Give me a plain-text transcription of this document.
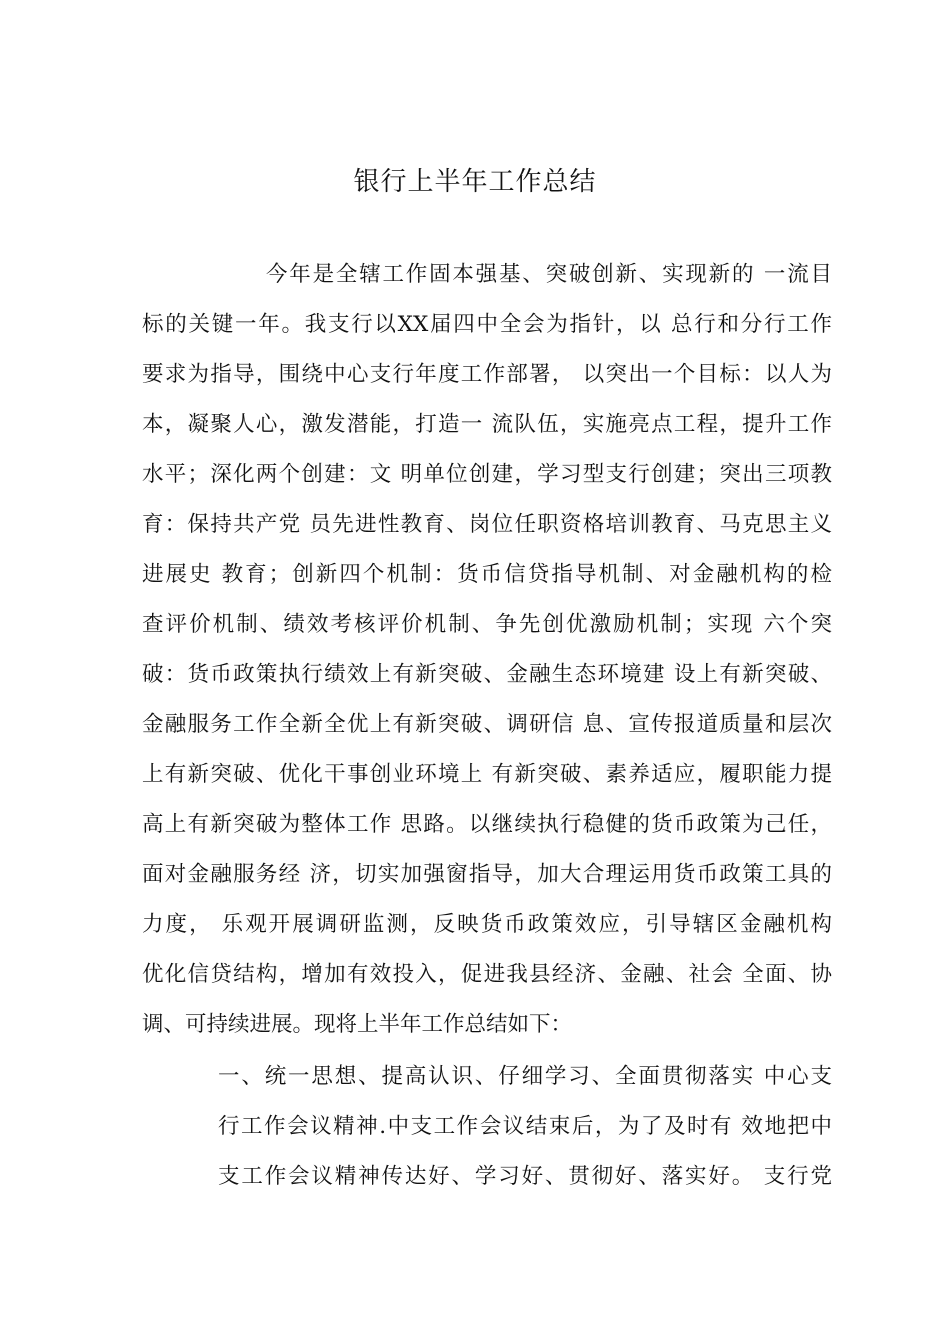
银行上半年工作总结
今年是全辖工作固本强基、突破创新、实现新的 一流目
标的关键一年。我支行以XX届四中全会为指针，以 总行和分行工作
要求为指导，围绕中心支行年度工作部署， 以突出一个目标：以人为
本，凝聚人心，激发潜能，打造一 流队伍，实施亮点工程，提升工作
水平；深化两个创建：文 明单位创建，学习型支行创建；突出三项教
育：保持共产党 员先进性教育、岗位任职资格培训教育、马克思主义
进展史 教育；创新四个机制：货币信贷指导机制、对金融机构的检
查评价机制、绩效考核评价机制、争先创优激励机制；实现 六个突
破：货币政策执行绩效上有新突破、金融生态环境建 设上有新突破、
金融服务工作全新全优上有新突破、调研信 息、宣传报道质量和层次
上有新突破、优化干事创业环境上 有新突破、素养适应，履职能力提
高上有新突破为整体工作 思路。以继续执行稳健的货币政策为己任，
面对金融服务经 济，切实加强窗指导，加大合理运用货币政策工具的
力度， 乐观开展调研监测，反映货币政策效应，引导辖区金融机构
优化信贷结构，增加有效投入，促进我县经济、金融、社会 全面、协
调、可持续进展。现将上半年工作总结如下：
一、统一思想、提高认识、仔细学习、全面贯彻落实 中心支
行工作会议精神.中支工作会议结束后，为了及时有 效地把中
支工作会议精神传达好、学习好、贯彻好、落实好。 支行党
